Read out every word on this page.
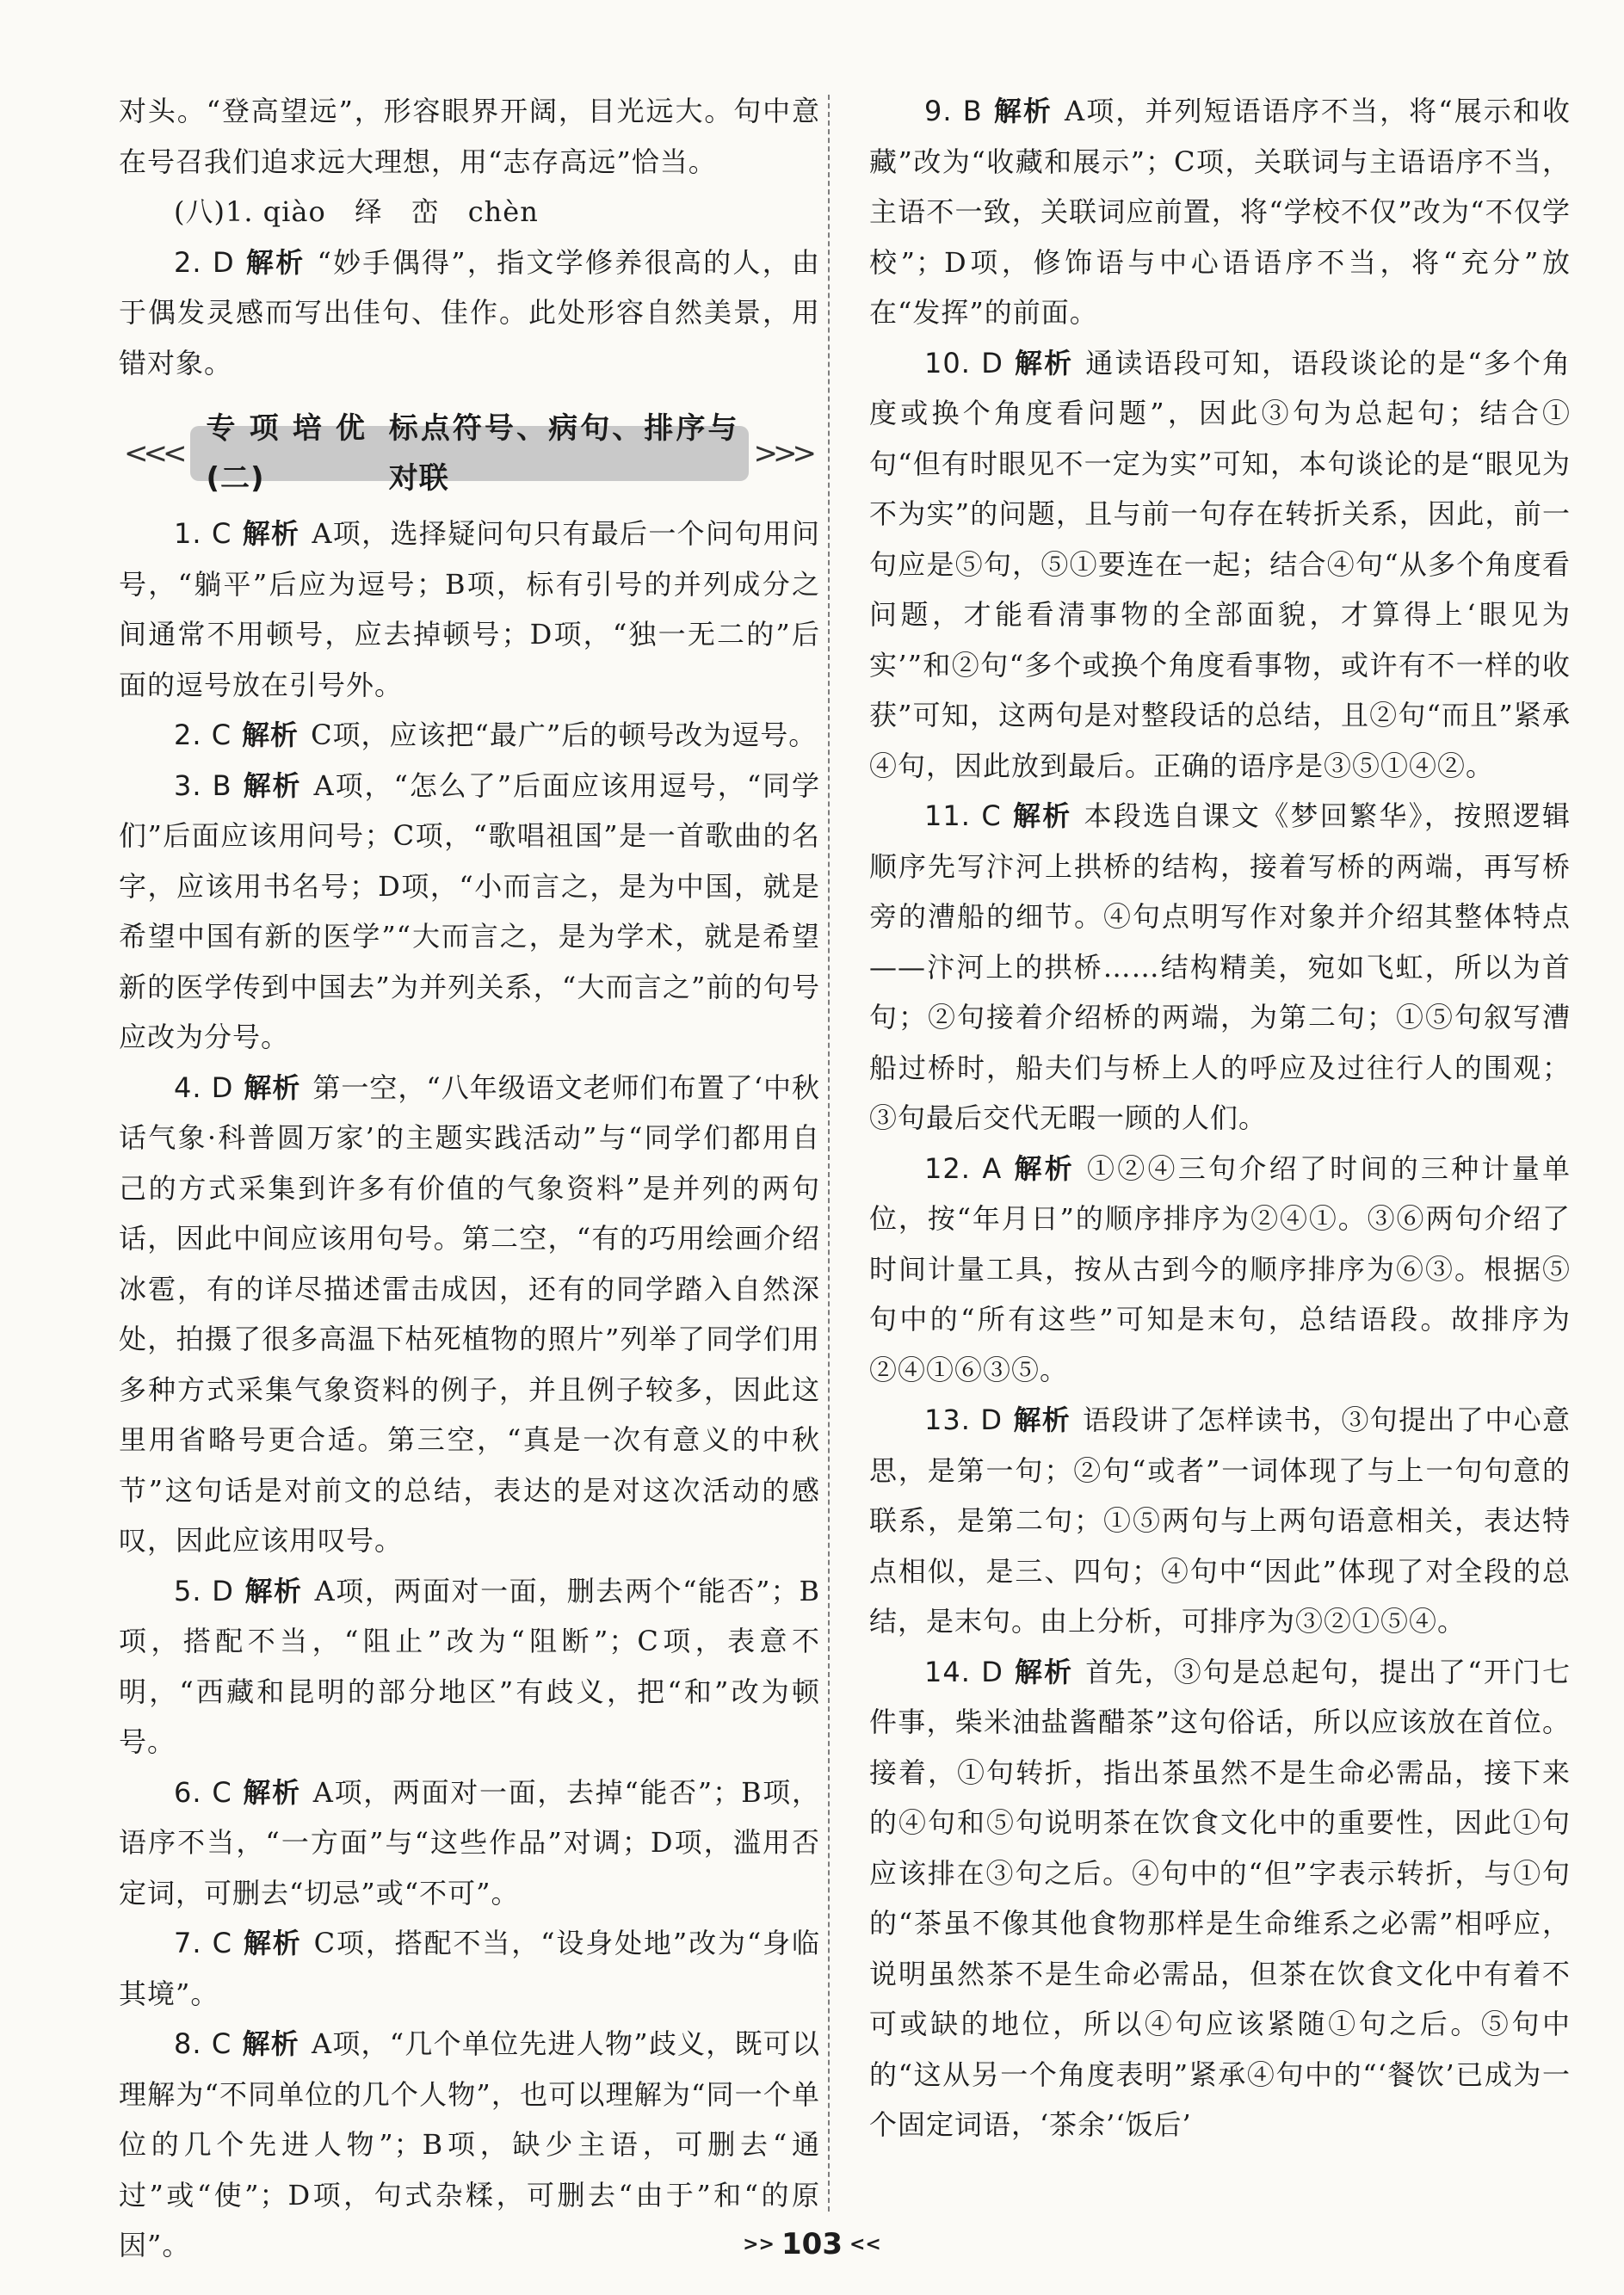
对头。“登高望远”，形容眼界开阔，目光远大。句中意在号召我们追求远大理想，用“志存高远”恰当。

(八)1. qiào　绎　峦　chèn

2. D 解析 “妙手偶得”，指文学修养很高的人，由于偶发灵感而写出佳句、佳作。此处形容自然美景，用错对象。

<<<
专项培优(二)
标点符号、病句、排序与对联
>>>

1. C 解析 A项，选择疑问句只有最后一个问句用问号，“躺平”后应为逗号；B项，标有引号的并列成分之间通常不用顿号，应去掉顿号；D项，“独一无二的”后面的逗号放在引号外。

2. C 解析 C项，应该把“最广”后的顿号改为逗号。

3. B 解析 A项，“怎么了”后面应该用逗号，“同学们”后面应该用问号；C项，“歌唱祖国”是一首歌曲的名字，应该用书名号；D项，“小而言之，是为中国，就是希望中国有新的医学”“大而言之，是为学术，就是希望新的医学传到中国去”为并列关系，“大而言之”前的句号应改为分号。

4. D 解析 第一空，“八年级语文老师们布置了‘中秋话气象·科普圆万家’的主题实践活动”与“同学们都用自己的方式采集到许多有价值的气象资料”是并列的两句话，因此中间应该用句号。第二空，“有的巧用绘画介绍冰雹，有的详尽描述雷击成因，还有的同学踏入自然深处，拍摄了很多高温下枯死植物的照片”列举了同学们用多种方式采集气象资料的例子，并且例子较多，因此这里用省略号更合适。第三空，“真是一次有意义的中秋节”这句话是对前文的总结，表达的是对这次活动的感叹，因此应该用叹号。

5. D 解析 A项，两面对一面，删去两个“能否”；B项，搭配不当，“阻止”改为“阻断”；C项，表意不明，“西藏和昆明的部分地区”有歧义，把“和”改为顿号。

6. C 解析 A项，两面对一面，去掉“能否”；B项，语序不当，“一方面”与“这些作品”对调；D项，滥用否定词，可删去“切忌”或“不可”。

7. C 解析 C项，搭配不当，“设身处地”改为“身临其境”。

8. C 解析 A项，“几个单位先进人物”歧义，既可以理解为“不同单位的几个人物”，也可以理解为“同一个单位的几个先进人物”；B项，缺少主语，可删去“通过”或“使”；D项，句式杂糅，可删去“由于”和“的原因”。

9. B 解析 A项，并列短语语序不当，将“展示和收藏”改为“收藏和展示”；C项，关联词与主语语序不当，主语不一致，关联词应前置，将“学校不仅”改为“不仅学校”；D项，修饰语与中心语语序不当，将“充分”放在“发挥”的前面。

10. D 解析 通读语段可知，语段谈论的是“多个角度或换个角度看问题”，因此③句为总起句；结合①句“但有时眼见不一定为实”可知，本句谈论的是“眼见为不为实”的问题，且与前一句存在转折关系，因此，前一句应是⑤句，⑤①要连在一起；结合④句“从多个角度看问题，才能看清事物的全部面貌，才算得上‘眼见为实’”和②句“多个或换个角度看事物，或许有不一样的收获”可知，这两句是对整段话的总结，且②句“而且”紧承④句，因此放到最后。正确的语序是③⑤①④②。

11. C 解析 本段选自课文《梦回繁华》，按照逻辑顺序先写汴河上拱桥的结构，接着写桥的两端，再写桥旁的漕船的细节。④句点明写作对象并介绍其整体特点——汴河上的拱桥……结构精美，宛如飞虹，所以为首句；②句接着介绍桥的两端，为第二句；①⑤句叙写漕船过桥时，船夫们与桥上人的呼应及过往行人的围观；③句最后交代无暇一顾的人们。

12. A 解析 ①②④三句介绍了时间的三种计量单位，按“年月日”的顺序排序为②④①。③⑥两句介绍了时间计量工具，按从古到今的顺序排序为⑥③。根据⑤句中的“所有这些”可知是末句，总结语段。故排序为②④①⑥③⑤。

13. D 解析 语段讲了怎样读书，③句提出了中心意思，是第一句；②句“或者”一词体现了与上一句句意的联系，是第二句；①⑤两句与上两句语意相关，表达特点相似，是三、四句；④句中“因此”体现了对全段的总结，是末句。由上分析，可排序为③②①⑤④。

14. D 解析 首先，③句是总起句，提出了“开门七件事，柴米油盐酱醋茶”这句俗话，所以应该放在首位。接着，①句转折，指出茶虽然不是生命必需品，接下来的④句和⑤句说明茶在饮食文化中的重要性，因此①句应该排在③句之后。④句中的“但”字表示转折，与①句的“茶虽不像其他食物那样是生命维系之必需”相呼应，说明虽然茶不是生命必需品，但茶在饮食文化中有着不可或缺的地位，所以④句应该紧随①句之后。⑤句中的“这从另一个角度表明”紧承④句中的“‘餐饮’已成为一个固定词语，‘茶余’‘饭后’

>> 103 <<
